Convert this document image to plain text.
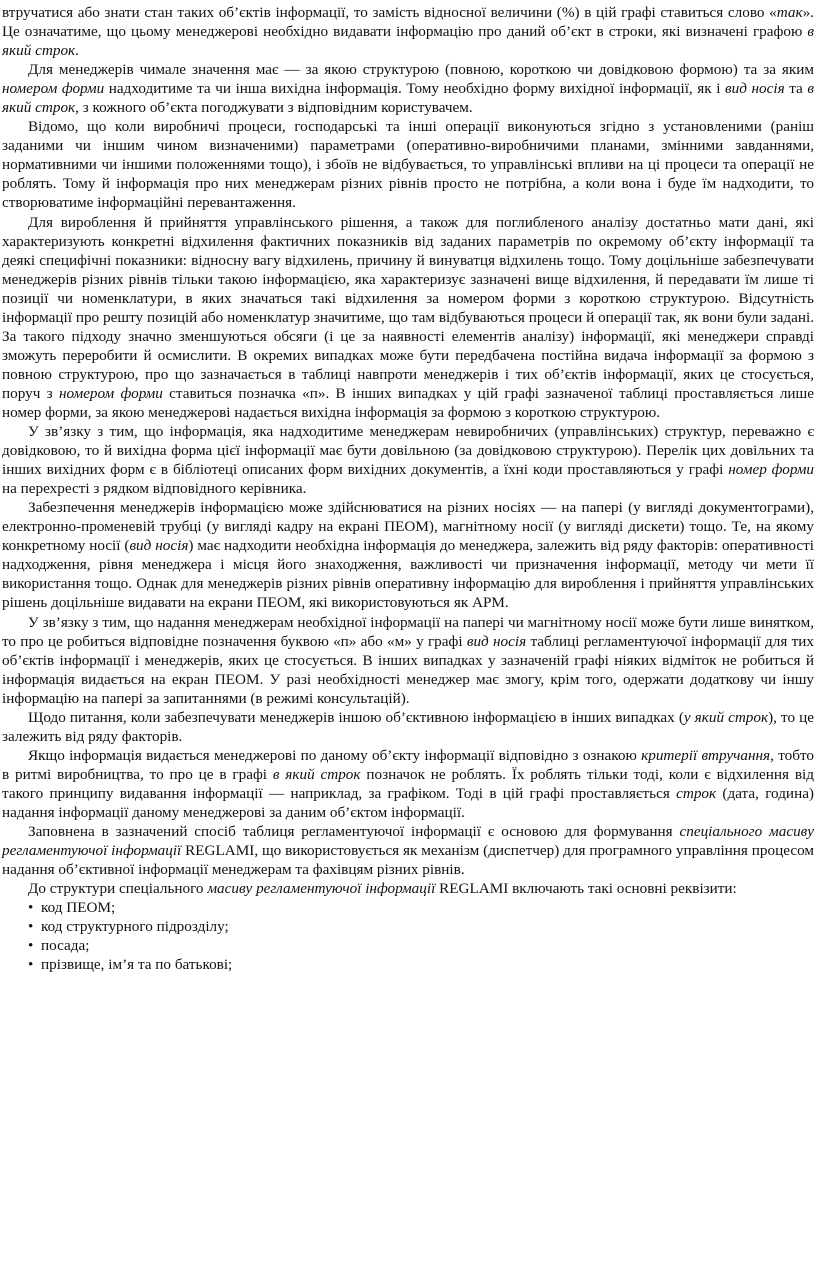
втручатися або знати стан таких об’єктів інформації, то замість відносної величини (%) в цій графі ставиться слово «так». Це означатиме, що цьому менеджерові необхідно видавати інформацію про даний об’єкт в строки, які визначені графою в який строк.

Для менеджерів чимале значення має — за якою структурою (повною, короткою чи довідковою формою) та за яким номером форми надходитиме та чи інша вихідна інформація. Тому необхідно форму вихідної інформації, як і вид носія та в який строк, з кожного об’єкта погоджувати з відповідним користувачем.

Відомо, що коли виробничі процеси, господарські та інші операції виконуються згідно з установленими (раніш заданими чи іншим чином визначеними) параметрами (оперативно-виробничими планами, змінними завданнями, нормативними чи іншими положеннями тощо), і збоїв не відбувається, то управлінські впливи на ці процеси та операції не роблять. Тому й інформація про них менеджерам різних рівнів просто не потрібна, а коли вона і буде їм надходити, то створюватиме інформаційні перевантаження.

Для вироблення й прийняття управлінського рішення, а також для поглибленого аналізу достатньо мати дані, які характеризують конкретні відхилення фактичних показників від заданих параметрів по окремому об’єкту інформації та деякі специфічні показники: відносну вагу відхилень, причину й винуватця відхилень тощо. Тому доцільніше забезпечувати менеджерів різних рівнів тільки такою інформацією, яка характеризує зазначені вище відхилення, й передавати їм лише ті позиції чи номенклатури, в яких значаться такі відхилення за номером форми з короткою структурою. Відсутність інформації про решту позицій або номенклатур значитиме, що там відбуваються процеси й операції так, як вони були задані. За такого підходу значно зменшуються обсяги (і це за наявності елементів аналізу) інформації, які менеджери справді зможуть переробити й осмислити. В окремих випадках може бути передбачена постійна видача інформації за формою з повною структурою, про що зазначається в таблиці навпроти менеджерів і тих об’єктів інформації, яких це стосується, поруч з номером форми ставиться позначка «п». В інших випадках у цій графі зазначеної таблиці проставляється лише номер форми, за якою менеджерові надається вихідна інформація за формою з короткою структурою.

У зв’язку з тим, що інформація, яка надходитиме менеджерам невиробничих (управлінських) структур, переважно є довідковою, то й вихідна форма цієї інформації має бути довільною (за довідковою структурою). Перелік цих довільних та інших вихідних форм є в бібліотеці описаних форм вихідних документів, а їхні коди проставляються у графі номер форми на перехресті з рядком відповідного керівника.

Забезпечення менеджерів інформацією може здійснюватися на різних носіях — на папері (у вигляді документограми), електронно-променевій трубці (у вигляді кадру на екрані ПЕОМ), магнітному носії (у вигляді дискети) тощо. Те, на якому конкретному носії (вид носія) має надходити необхідна інформація до менеджера, залежить від ряду факторів: оперативності надходження, рівня менеджера і місця його знаходження, важливості чи призначення інформації, методу чи мети її використання тощо. Однак для менеджерів різних рівнів оперативну інформацію для вироблення і прийняття управлінських рішень доцільніше видавати на екрани ПЕОМ, які використовуються як АРМ.

У зв’язку з тим, що надання менеджерам необхідної інформації на папері чи магнітному носії може бути лише винятком, то про це робиться відповідне позначення буквою «п» або «м» у графі вид носія таблиці регламентуючої інформації для тих об’єктів інформації і менеджерів, яких це стосується. В інших випадках у зазначеній графі ніяких відміток не робиться й інформація видається на екран ПЕОМ. У разі необхідності менеджер має змогу, крім того, одержати додаткову чи іншу інформацію на папері за запитаннями (в режимі консультацій).

Щодо питання, коли забезпечувати менеджерів іншою об’єктивною інформацією в інших випадках (у який строк), то це залежить від ряду факторів.

Якщо інформація видається менеджерові по даному об’єкту інформації відповідно з ознакою критерії втручання, тобто в ритмі виробництва, то про це в графі в який строк позначок не роблять. Їх роблять тільки тоді, коли є відхилення від такого принципу видавання інформації — наприклад, за графіком. Тоді в цій графі проставляється строк (дата, година) надання інформації даному менеджерові за даним об’єктом інформації.

Заповнена в зазначений спосіб таблиця регламентуючої інформації є основою для формування спеціального масиву регламентуючої інформації REGLAMI, що використовується як механізм (диспетчер) для програмного управління процесом надання об’єктивної інформації менеджерам та фахівцям різних рівнів.

До структури спеціального масиву регламентуючої інформації REGLAMI включають такі основні реквізити:

• код ПЕОМ;
• код структурного підрозділу;
• посада;
• прізвище, ім’я та по батькові;
